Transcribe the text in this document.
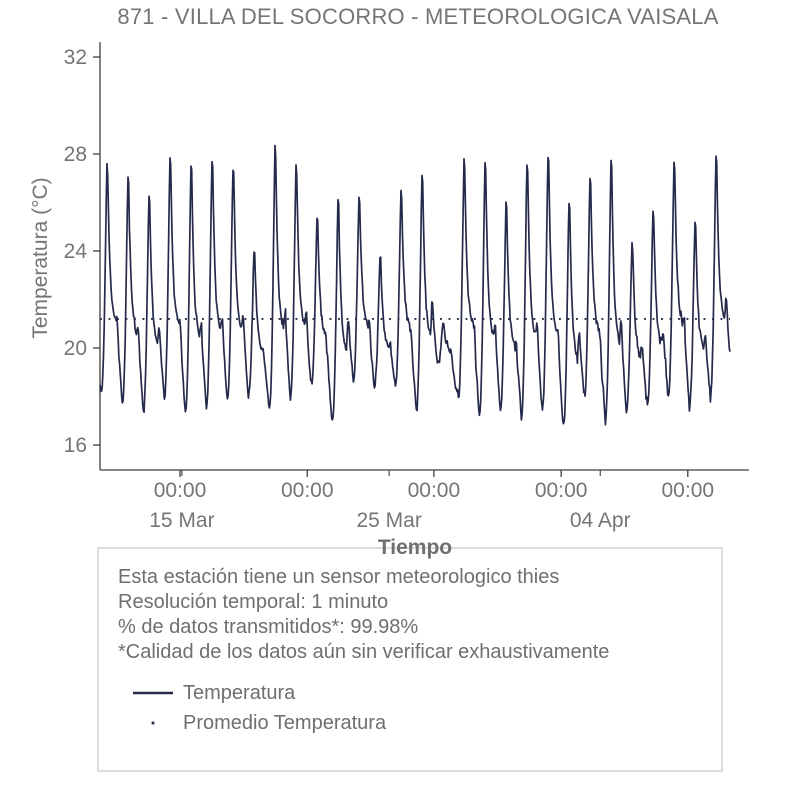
871 - VILLA DEL SOCORRO - METEOROLOGICA VAISALA
32
28
24
20
16
00:00	00:00	00:00	00:00	00:00
15 Mar	25 Mar	04 Apr
Temperatura (°C)
Tiempo
Esta estación tiene un sensor meteorologico thies
Resolución temporal: 1 minuto
% de datos transmitidos*: 99.98%
*Calidad de los datos aún sin verificar exhaustivamente
Temperatura
Promedio Temperatura
